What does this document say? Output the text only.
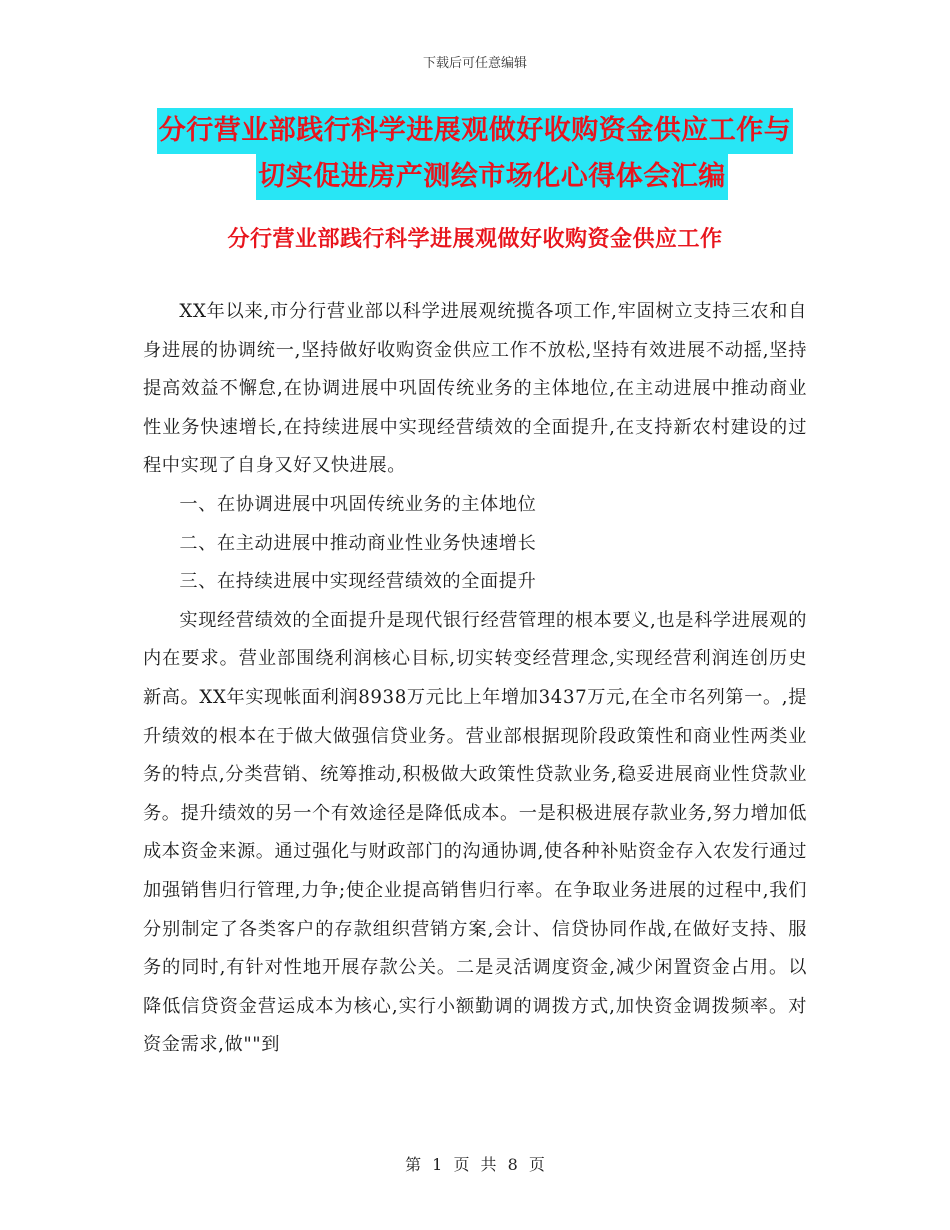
下载后可任意编辑
分行营业部践行科学进展观做好收购资金供应工作与
切实促进房产测绘市场化心得体会汇编
分行营业部践行科学进展观做好收购资金供应工作

XX年以来,市分行营业部以科学进展观统揽各项工作,牢固树立支持三农和自身进展的协调统一,坚持做好收购资金供应工作不放松,坚持有效进展不动摇,坚持提高效益不懈怠,在协调进展中巩固传统业务的主体地位,在主动进展中推动商业性业务快速增长,在持续进展中实现经营绩效的全面提升,在支持新农村建设的过程中实现了自身又好又快进展。

一、在协调进展中巩固传统业务的主体地位

二、在主动进展中推动商业性业务快速增长

三、在持续进展中实现经营绩效的全面提升

实现经营绩效的全面提升是现代银行经营管理的根本要义,也是科学进展观的内在要求。营业部围绕利润核心目标,切实转变经营理念,实现经营利润连创历史新高。XX年实现帐面利润8938万元比上年增加3437万元,在全市名列第一。,提升绩效的根本在于做大做强信贷业务。营业部根据现阶段政策性和商业性两类业务的特点,分类营销、统筹推动,积极做大政策性贷款业务,稳妥进展商业性贷款业务。提升绩效的另一个有效途径是降低成本。一是积极进展存款业务,努力增加低成本资金来源。通过强化与财政部门的沟通协调,使各种补贴资金存入农发行通过加强销售归行管理,力争;使企业提高销售归行率。在争取业务进展的过程中,我们分别制定了各类客户的存款组织营销方案,会计、信贷协同作战,在做好支持、服务的同时,有针对性地开展存款公关。二是灵活调度资金,减少闲置资金占用。以降低信贷资金营运成本为核心,实行小额勤调的调拨方式,加快资金调拨频率。对资金需求,做""到

第 1 页 共 8 页
